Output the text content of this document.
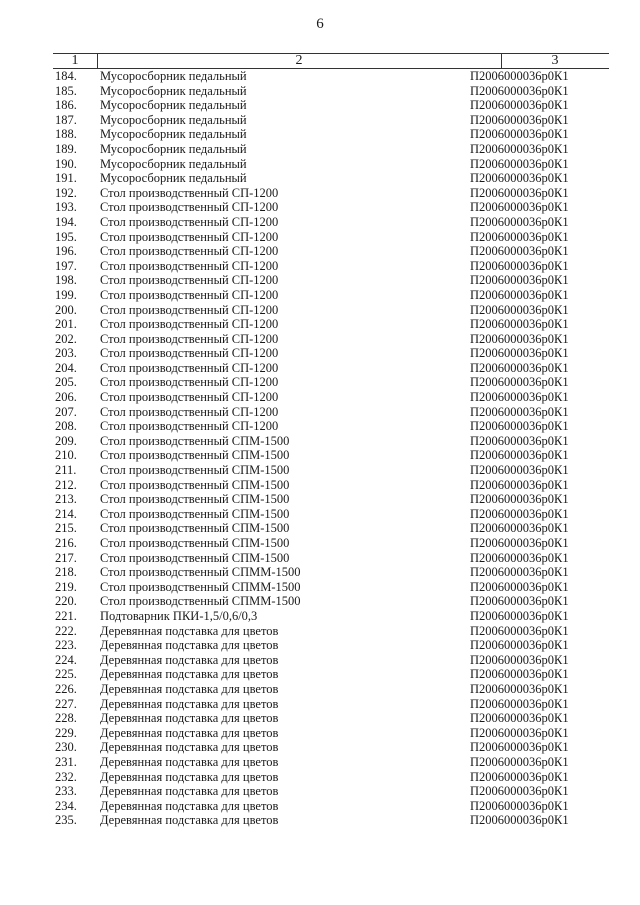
6
1	2	3
184. Мусоросборник педальный	П2006000036р0К1
185. Мусоросборник педальный	П2006000036р0К1
186. Мусоросборник педальный	П2006000036р0К1
187. Мусоросборник педальный	П2006000036р0К1
188. Мусоросборник педальный	П2006000036р0К1
189. Мусоросборник педальный	П2006000036р0К1
190. Мусоросборник педальный	П2006000036р0К1
191. Мусоросборник педальный	П2006000036р0К1
192. Стол производственный СП-1200	П2006000036р0К1
193. Стол производственный СП-1200	П2006000036р0К1
194. Стол производственный СП-1200	П2006000036р0К1
195. Стол производственный СП-1200	П2006000036р0К1
196. Стол производственный СП-1200	П2006000036р0К1
197. Стол производственный СП-1200	П2006000036р0К1
198. Стол производственный СП-1200	П2006000036р0К1
199. Стол производственный СП-1200	П2006000036р0К1
200. Стол производственный СП-1200	П2006000036р0К1
201. Стол производственный СП-1200	П2006000036р0К1
202. Стол производственный СП-1200	П2006000036р0К1
203. Стол производственный СП-1200	П2006000036р0К1
204. Стол производственный СП-1200	П2006000036р0К1
205. Стол производственный СП-1200	П2006000036р0К1
206. Стол производственный СП-1200	П2006000036р0К1
207. Стол производственный СП-1200	П2006000036р0К1
208. Стол производственный СП-1200	П2006000036р0К1
209. Стол производственный СПМ-1500	П2006000036р0К1
210. Стол производственный СПМ-1500	П2006000036р0К1
211. Стол производственный СПМ-1500	П2006000036р0К1
212. Стол производственный СПМ-1500	П2006000036р0К1
213. Стол производственный СПМ-1500	П2006000036р0К1
214. Стол производственный СПМ-1500	П2006000036р0К1
215. Стол производственный СПМ-1500	П2006000036р0К1
216. Стол производственный СПМ-1500	П2006000036р0К1
217. Стол производственный СПМ-1500	П2006000036р0К1
218. Стол производственный СПММ-1500	П2006000036р0К1
219. Стол производственный СПММ-1500	П2006000036р0К1
220. Стол производственный СПММ-1500	П2006000036р0К1
221. Подтоварник ПКИ-1,5/0,6/0,3	П2006000036р0К1
222. Деревянная подставка для цветов	П2006000036р0К1
223. Деревянная подставка для цветов	П2006000036р0К1
224. Деревянная подставка для цветов	П2006000036р0К1
225. Деревянная подставка для цветов	П2006000036р0К1
226. Деревянная подставка для цветов	П2006000036р0К1
227. Деревянная подставка для цветов	П2006000036р0К1
228. Деревянная подставка для цветов	П2006000036р0К1
229. Деревянная подставка для цветов	П2006000036р0К1
230. Деревянная подставка для цветов	П2006000036р0К1
231. Деревянная подставка для цветов	П2006000036р0К1
232. Деревянная подставка для цветов	П2006000036р0К1
233. Деревянная подставка для цветов	П2006000036р0К1
234. Деревянная подставка для цветов	П2006000036р0К1
235. Деревянная подставка для цветов	П2006000036р0К1
